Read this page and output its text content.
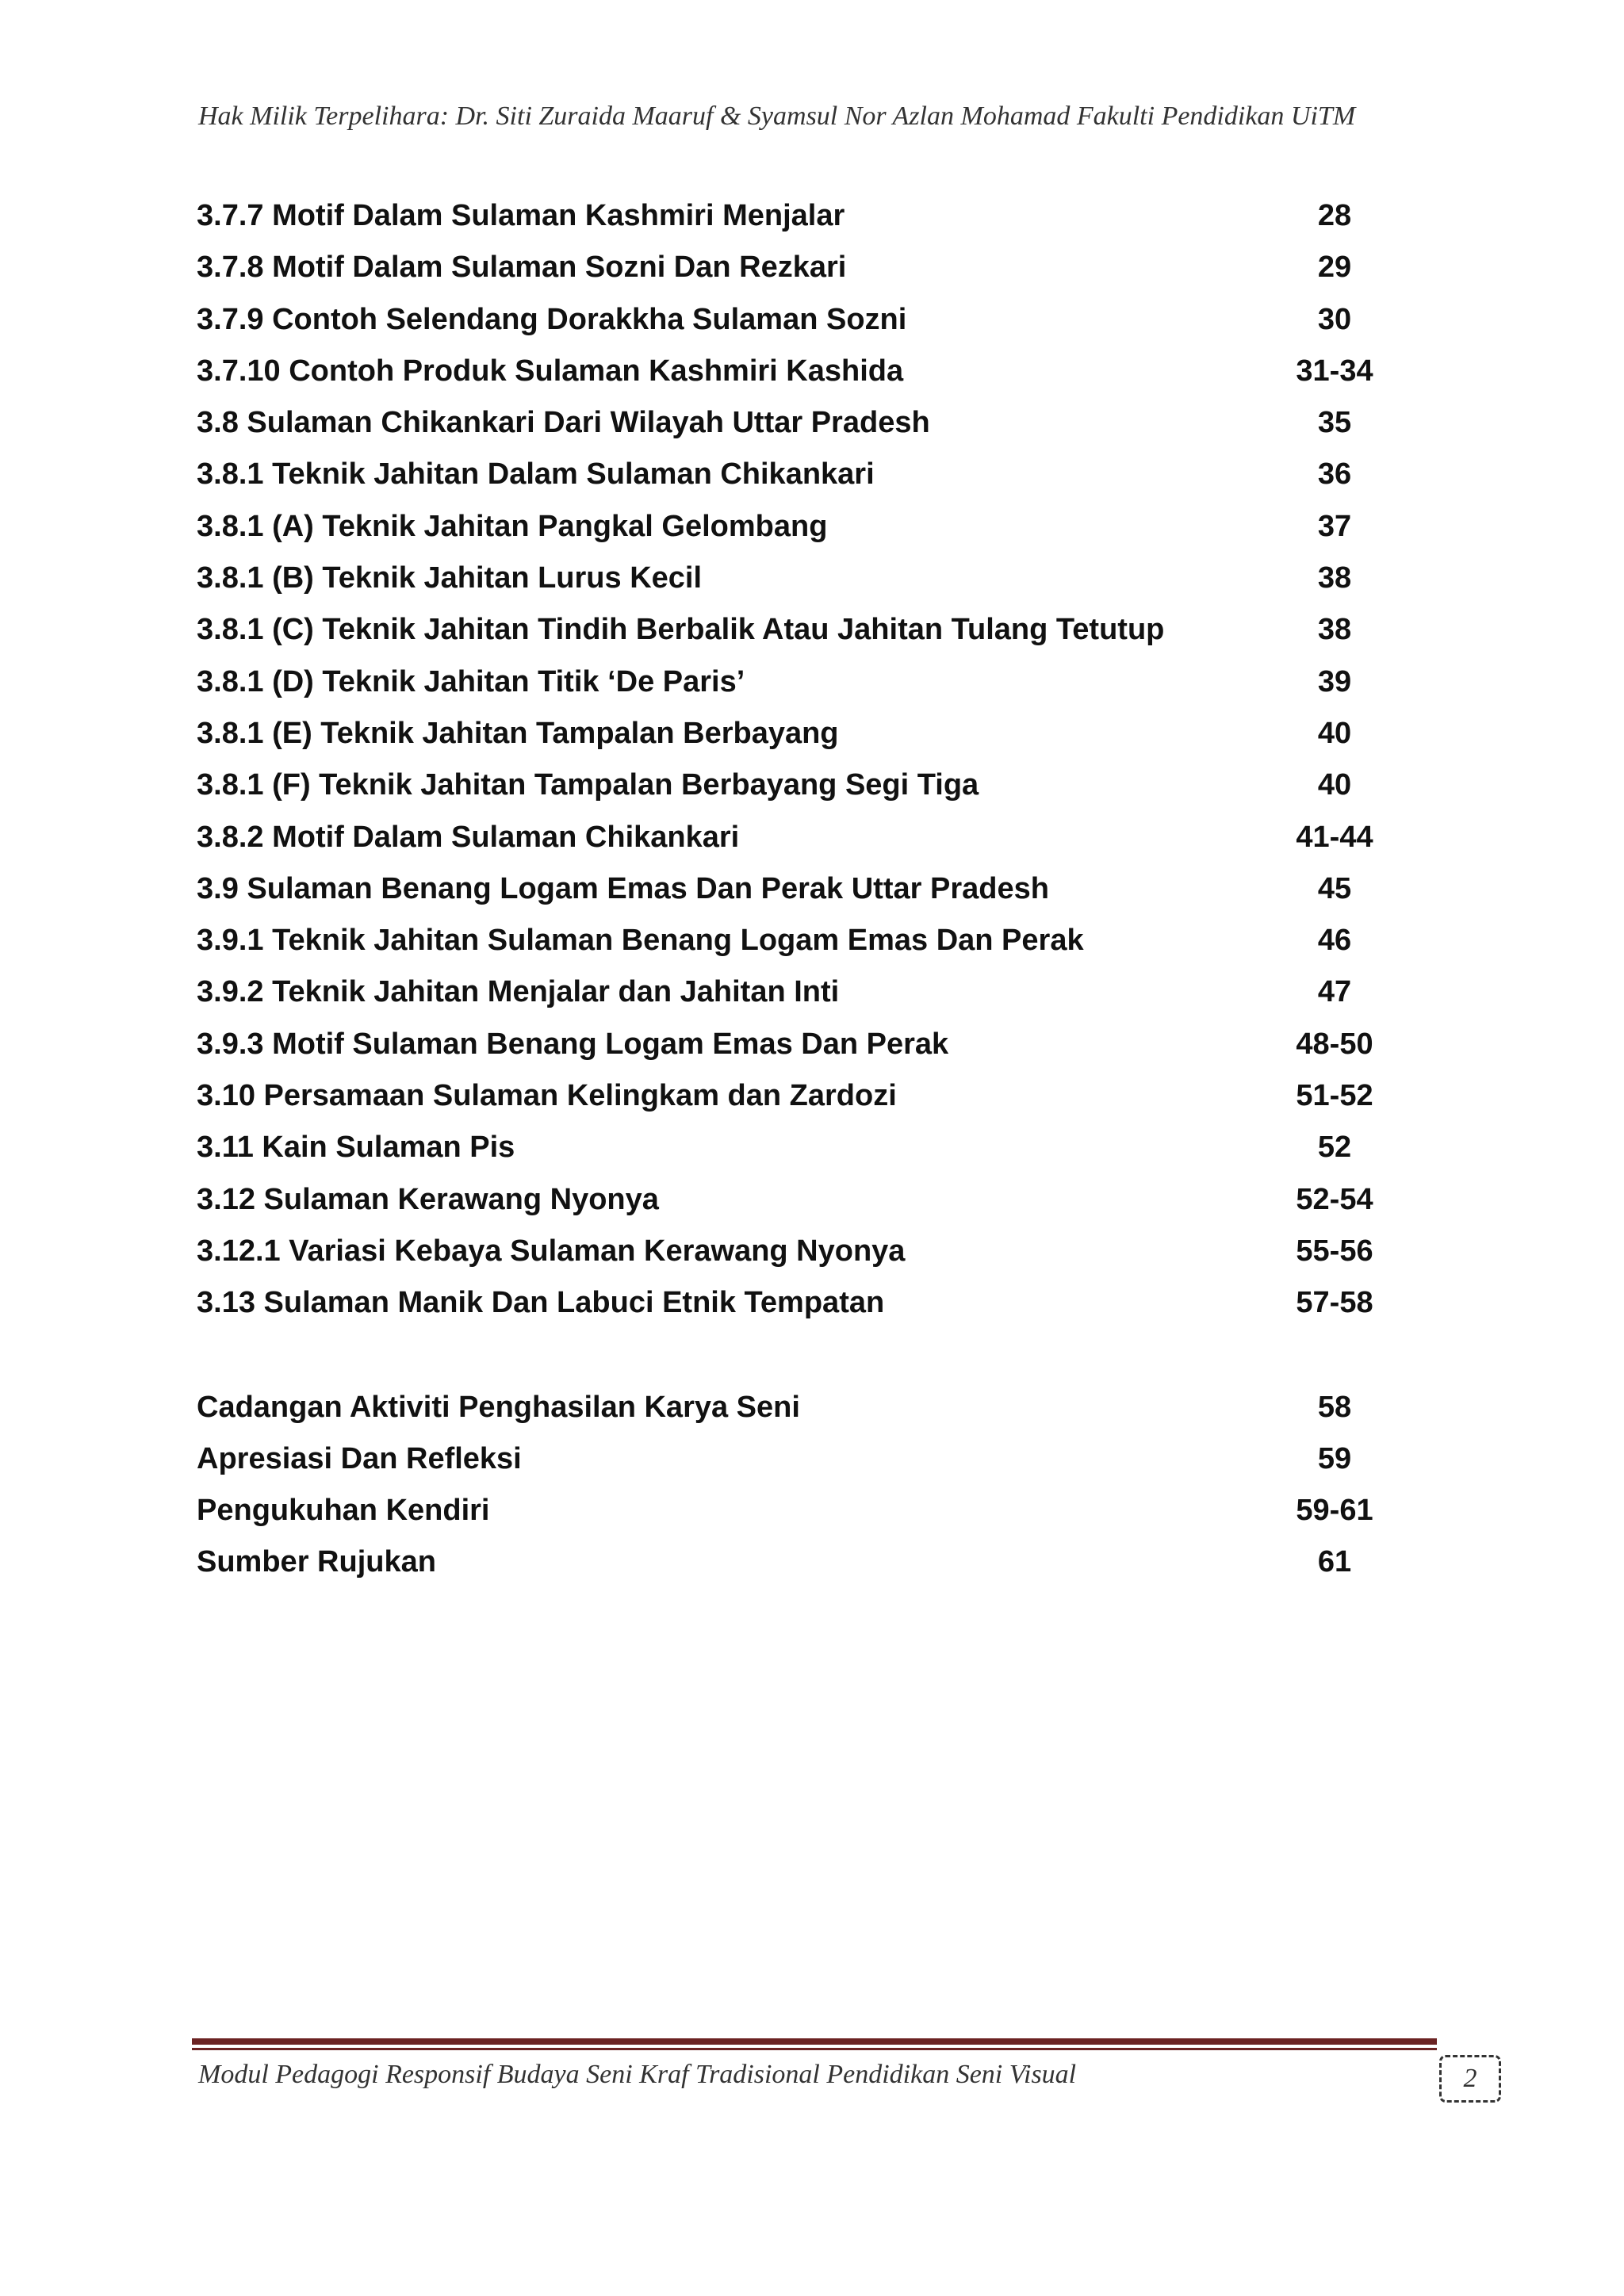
Hak Milik Terpelihara: Dr. Siti Zuraida Maaruf & Syamsul Nor Azlan Mohamad Fakulti Pendidikan UiTM
3.7.7 Motif Dalam Sulaman Kashmiri Menjalar	28
3.7.8 Motif Dalam Sulaman Sozni Dan Rezkari	29
3.7.9 Contoh Selendang Dorakkha Sulaman Sozni	30
3.7.10 Contoh Produk Sulaman Kashmiri Kashida	31-34
3.8 Sulaman Chikankari Dari Wilayah Uttar Pradesh	35
3.8.1 Teknik Jahitan Dalam Sulaman Chikankari	36
3.8.1 (A) Teknik Jahitan Pangkal Gelombang	37
3.8.1 (B) Teknik Jahitan Lurus Kecil	38
3.8.1 (C) Teknik Jahitan Tindih Berbalik Atau Jahitan Tulang Tetutup	38
3.8.1 (D) Teknik Jahitan Titik ‘De Paris’	39
3.8.1 (E) Teknik Jahitan Tampalan Berbayang	40
3.8.1 (F) Teknik Jahitan Tampalan Berbayang Segi Tiga	40
3.8.2 Motif Dalam Sulaman Chikankari	41-44
3.9 Sulaman Benang Logam Emas Dan Perak Uttar Pradesh	45
3.9.1 Teknik Jahitan Sulaman Benang Logam Emas Dan Perak	46
3.9.2 Teknik Jahitan Menjalar dan Jahitan Inti	47
3.9.3 Motif Sulaman Benang Logam Emas Dan Perak	48-50
3.10 Persamaan Sulaman Kelingkam dan Zardozi	51-52
3.11 Kain Sulaman Pis	52
3.12 Sulaman Kerawang Nyonya	52-54
3.12.1 Variasi Kebaya Sulaman Kerawang Nyonya	55-56
3.13 Sulaman Manik Dan Labuci Etnik Tempatan	57-58
Cadangan Aktiviti Penghasilan Karya Seni	58
Apresiasi Dan Refleksi	59
Pengukuhan Kendiri	59-61
Sumber Rujukan	61
Modul Pedagogi Responsif Budaya Seni Kraf Tradisional Pendidikan Seni Visual	2
